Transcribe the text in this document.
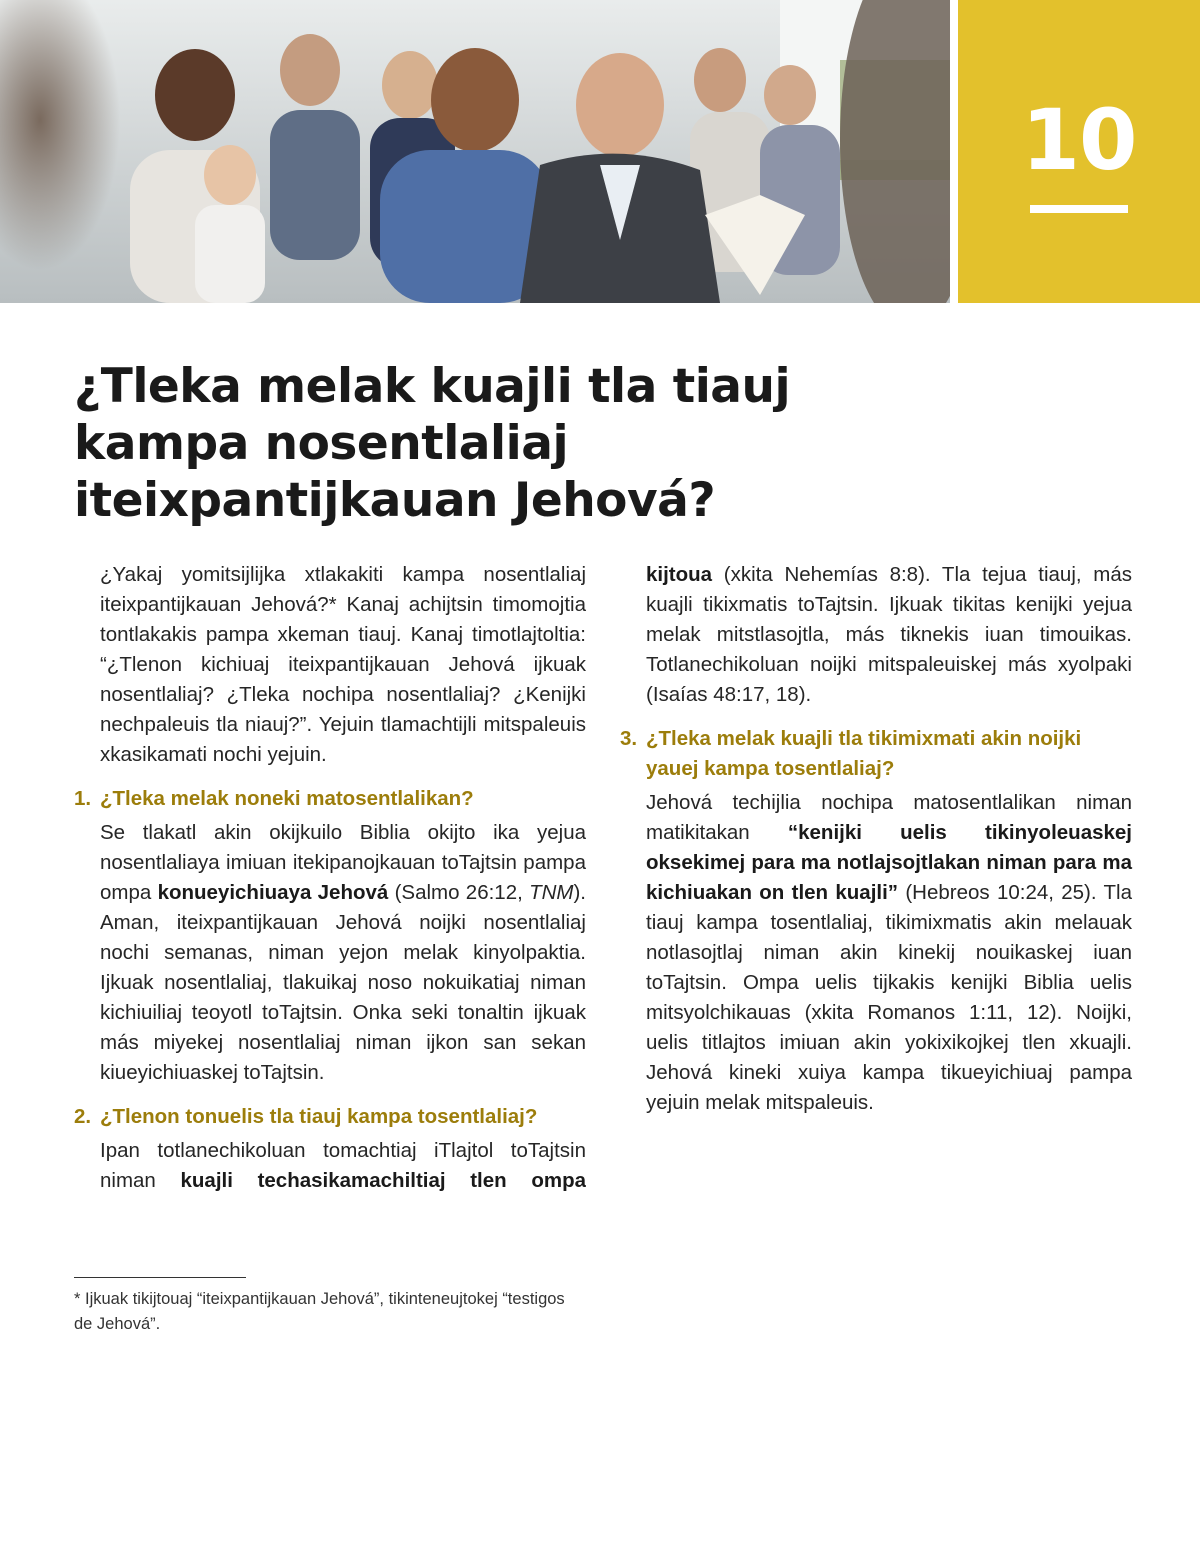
10
¿Tleka melak kuajli tla tiauj kampa nosentlaliaj iteixpantijkauan Jehová?

¿Yakaj yomitsijlijka xtlakakiti kampa nosentlaliaj iteixpantijkauan Jehová?* Kanaj achijtsin timomojtia tontlakakis pampa xkeman tiauj. Kanaj timotlajtoltia: “¿Tlenon kichiuaj iteixpantijkauan Jehová ijkuak nosentlaliaj? ¿Tleka nochipa nosentlaliaj? ¿Kenijki nechpaleuis tla niauj?”. Yejuin tlamachtijli mitspaleuis xkasikamati nochi yejuin.

1. ¿Tleka melak noneki matosentlalikan?

Se tlakatl akin okijkuilo Biblia okijto ika yejua nosentlaliaya imiuan itekipanojkauan toTajtsin pampa ompa konueyichiuaya Jehová (Salmo 26:12, TNM). Aman, iteixpantijkauan Jehová noijki nosentlaliaj nochi semanas, niman yejon melak kinyolpaktia. Ijkuak nosentlaliaj, tlakuikaj noso nokuikatiaj niman kichiuiliaj teoyotl toTajtsin. Onka seki tonaltin ijkuak más miyekej nosentlaliaj niman ijkon san sekan kiueyichiuaskej toTajtsin.

2. ¿Tlenon tonuelis tla tiauj kampa tosentlaliaj?

Ipan totlanechikoluan tomachtiaj iTlajtol toTajtsin niman kuajli techasikamachiltiaj tlen ompa

kijtoua (xkita Nehemías 8:8). Tla tejua tiauj, más kuajli tikixmatis toTajtsin. Ijkuak tikitas kenijki yejua melak mitstlasojtla, más tiknekis iuan timouikas. Totlanechikoluan noijki mitspaleuiskej más xyolpaki (Isaías 48:17, 18).

3. ¿Tleka melak kuajli tla tikimixmati akin noijki yauej kampa tosentlaliaj?

Jehová techijlia nochipa matosentlalikan niman matikitakan “kenijki uelis tikinyoleuaskej oksekimej para ma notlajsojtlakan niman para ma kichiuakan on tlen kuajli” (Hebreos 10:24, 25). Tla tiauj kampa tosentlaliaj, tikimixmatis akin melauak notlasojtlaj niman akin kinekij nouikaskej iuan toTajtsin. Ompa uelis tijkakis kenijki Biblia uelis mitsyolchikauas (xkita Romanos 1:11, 12). Noijki, uelis titlajtos imiuan akin yokixikojkej tlen xkuajli. Jehová kineki xuiya kampa tikueyichiuaj pampa yejuin melak mitspaleuis.

* Ijkuak tikijtouaj “iteixpantijkauan Jehová”, tikinteneujtokej “testigos de Jehová”.
